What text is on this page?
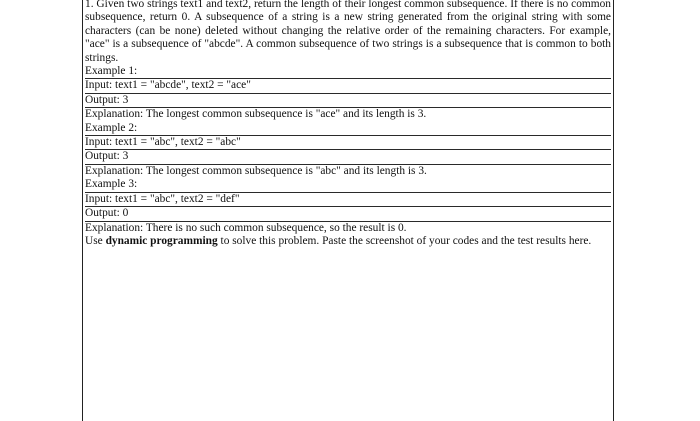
1. Given two strings text1 and text2, return the length of their longest common subsequence. If there is no common subsequence, return 0. A subsequence of a string is a new string generated from the original string with some characters (can be none) deleted without changing the relative order of the remaining characters. For example, "ace" is a subsequence of "abcde". A common subsequence of two strings is a subsequence that is common to both strings.

Example 1:
Input: text1 = "abcde", text2 = "ace"
Output: 3
Explanation: The longest common subsequence is "ace" and its length is 3.
Example 2:
Input: text1 = "abc", text2 = "abc"
Output: 3
Explanation: The longest common subsequence is "abc" and its length is 3.
Example 3:
Input: text1 = "abc", text2 = "def"
Output: 0
Explanation: There is no such common subsequence, so the result is 0.
Use dynamic programming to solve this problem. Paste the screenshot of your codes and the test results here.
